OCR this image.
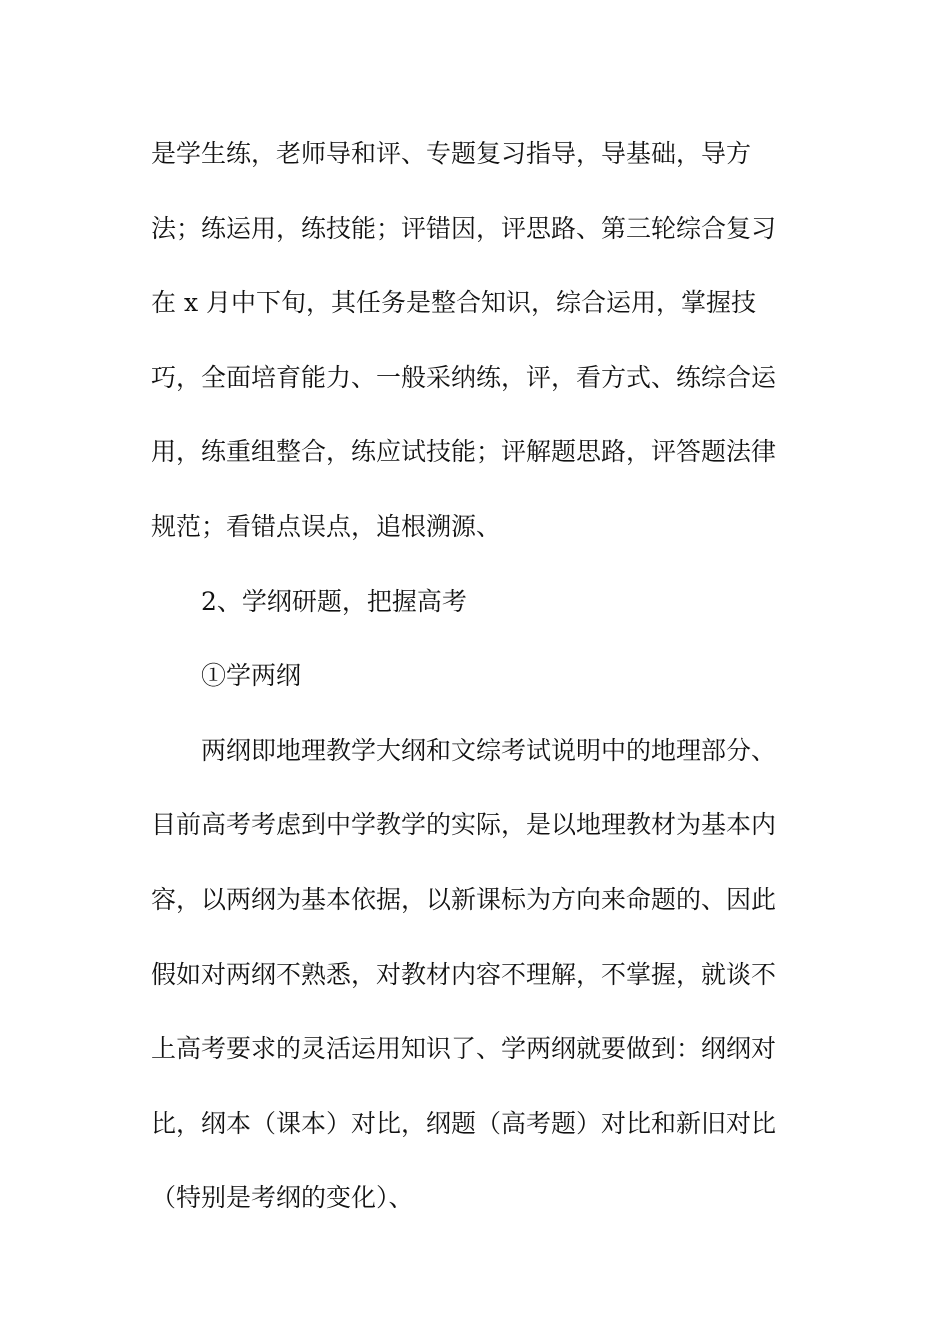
是学生练，老师导和评、专题复习指导，导基础，导方
法；练运用，练技能；评错因，评思路、第三轮综合复习
在 x 月中下旬，其任务是整合知识，综合运用，掌握技
巧，全面培育能力、一般采纳练，评，看方式、练综合运
用，练重组整合，练应试技能；评解题思路，评答题法律
规范；看错点误点，追根溯源、
2、学纲研题，把握高考
①学两纲
两纲即地理教学大纲和文综考试说明中的地理部分、
目前高考考虑到中学教学的实际，是以地理教材为基本内
容，以两纲为基本依据，以新课标为方向来命题的、因此
假如对两纲不熟悉，对教材内容不理解，不掌握，就谈不
上高考要求的灵活运用知识了、学两纲就要做到：纲纲对
比，纲本（课本）对比，纲题（高考题）对比和新旧对比
（特别是考纲的变化）、
